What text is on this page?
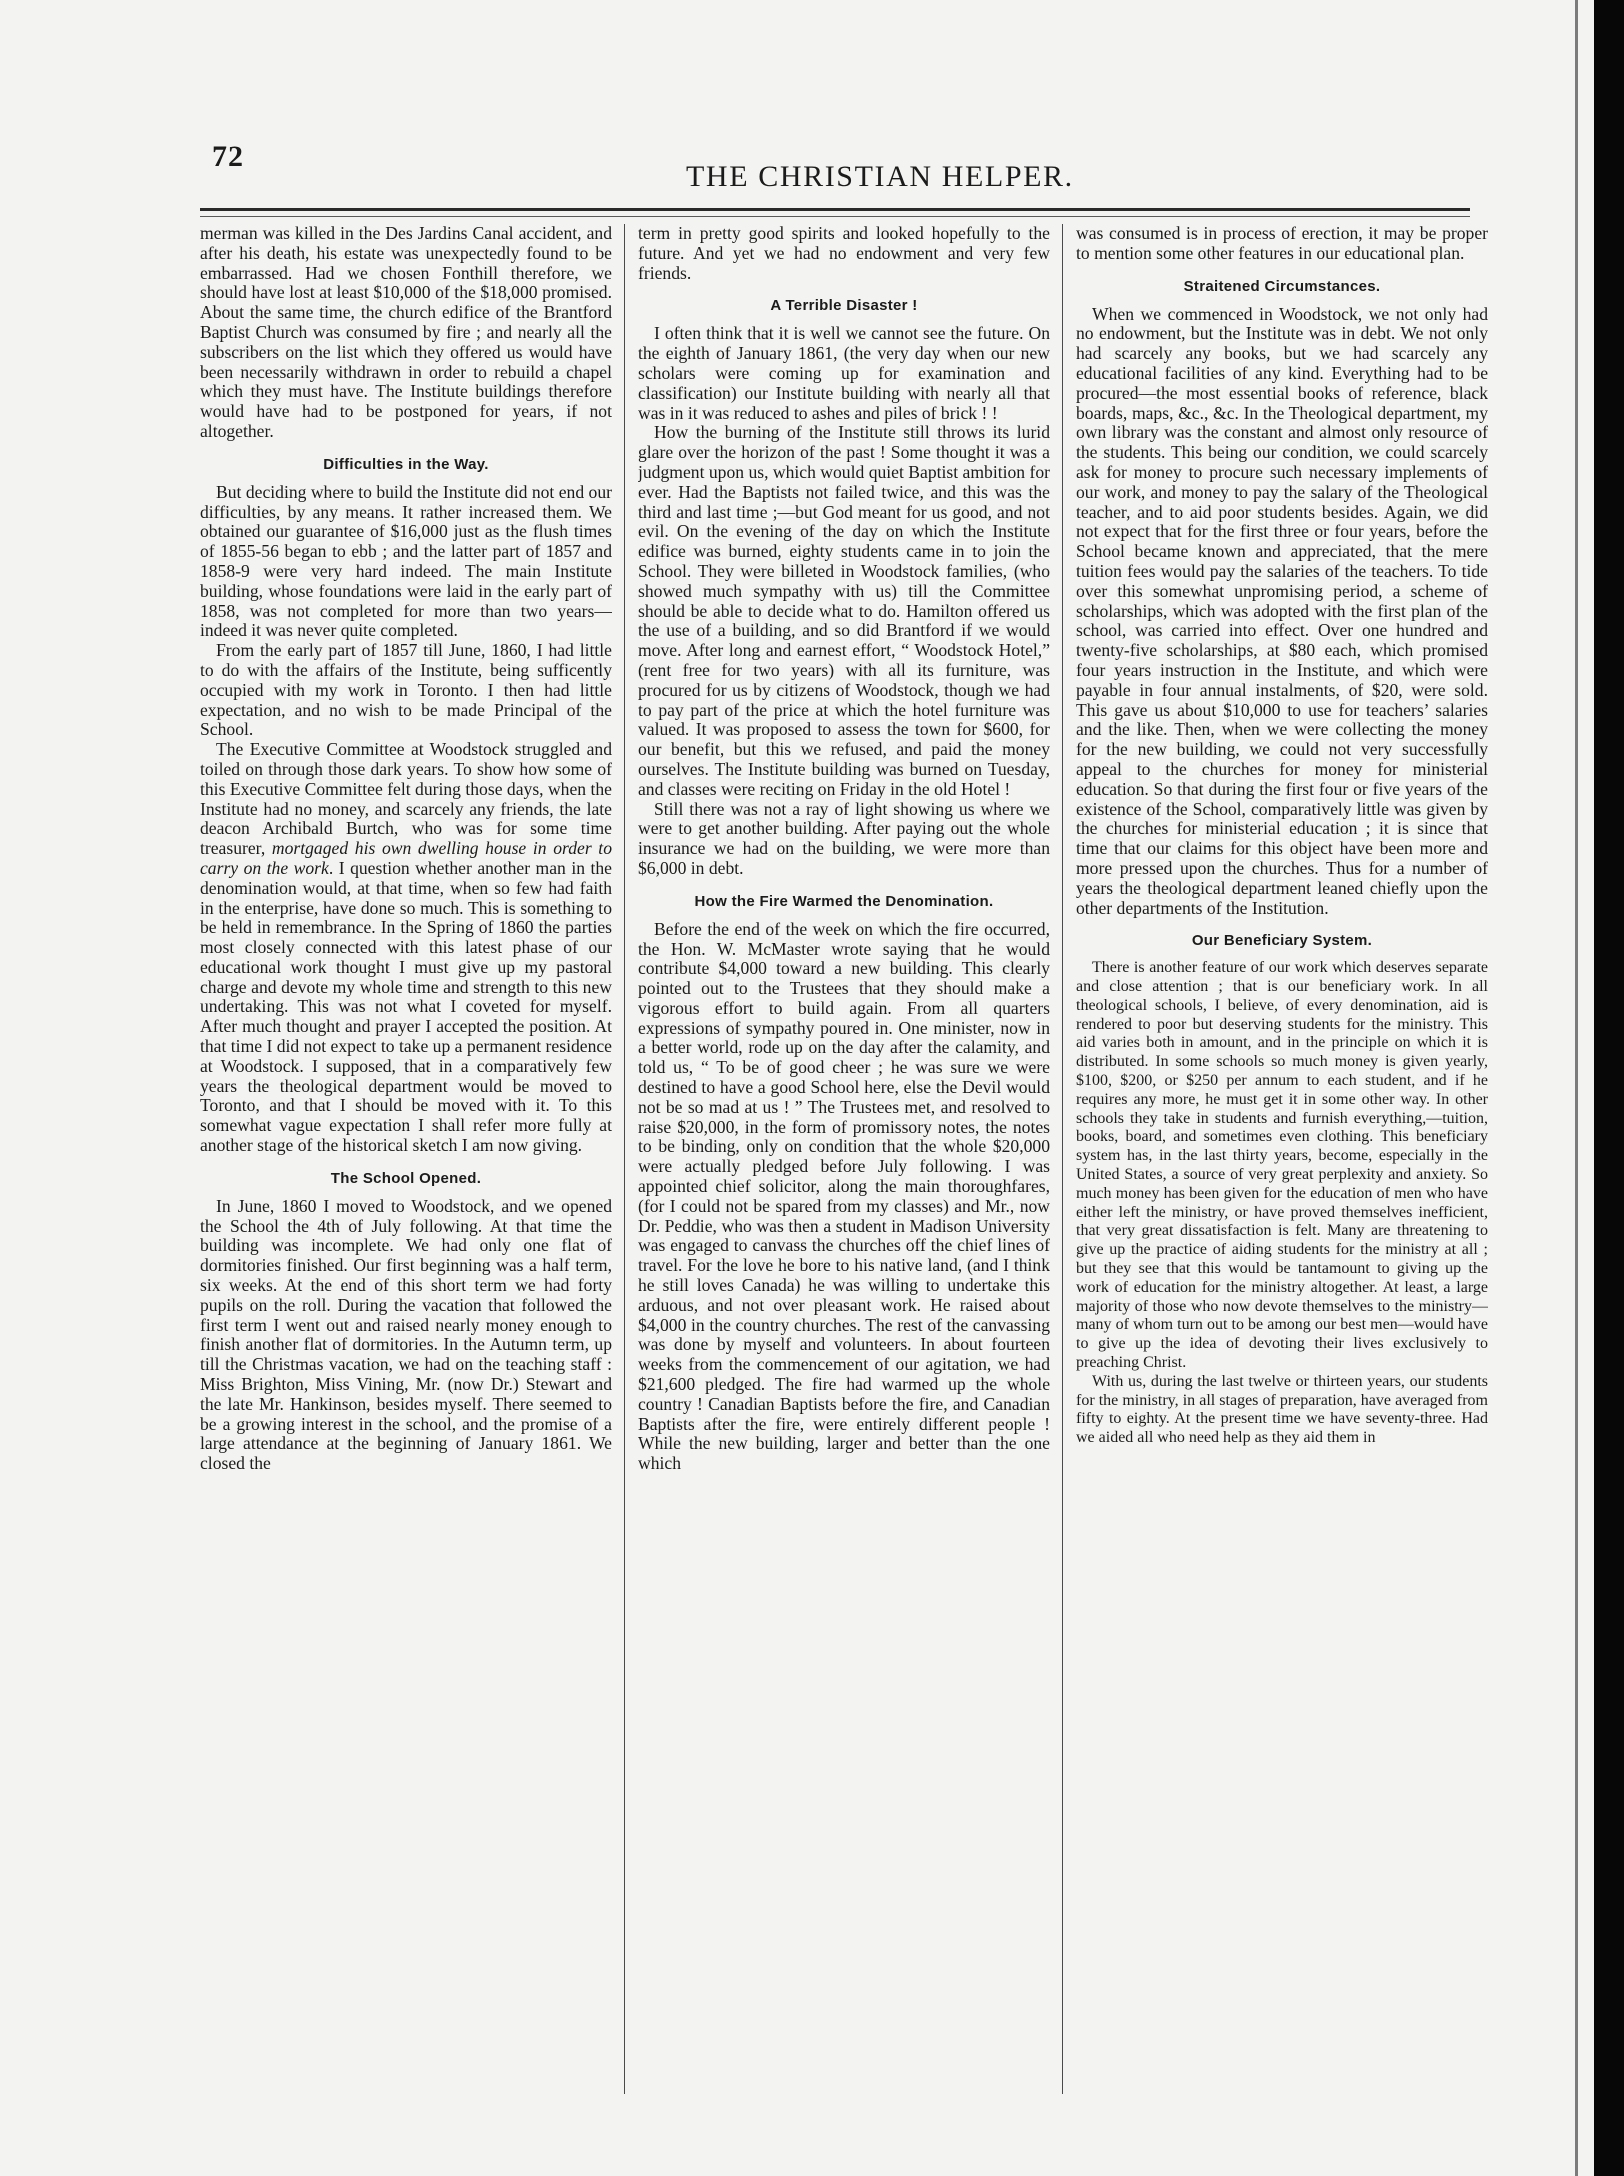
72
THE CHRISTIAN HELPER.

merman was killed in the Des Jardins Canal accident, and after his death, his estate was unexpectedly found to be embarrassed. Had we chosen Fonthill therefore, we should have lost at least $10,000 of the $18,000 promised. About the same time, the church edifice of the Brantford Baptist Church was consumed by fire ; and nearly all the subscribers on the list which they offered us would have been necessarily withdrawn in order to rebuild a chapel which they must have. The Institute buildings therefore would have had to be postponed for years, if not altogether.

Difficulties in the Way.

But deciding where to build the Institute did not end our difficulties, by any means. It rather increased them. We obtained our guarantee of $16,000 just as the flush times of 1855-56 began to ebb ; and the latter part of 1857 and 1858-9 were very hard indeed. The main Institute building, whose foundations were laid in the early part of 1858, was not completed for more than two years—indeed it was never quite completed.

From the early part of 1857 till June, 1860, I had little to do with the affairs of the Institute, being sufficently occupied with my work in Toronto. I then had little expectation, and no wish to be made Principal of the School.

The Executive Committee at Woodstock struggled and toiled on through those dark years. To show how some of this Executive Committee felt during those days, when the Institute had no money, and scarcely any friends, the late deacon Archibald Burtch, who was for some time treasurer, mortgaged his own dwelling house in order to carry on the work. I question whether another man in the denomination would, at that time, when so few had faith in the enterprise, have done so much. This is something to be held in remembrance. In the Spring of 1860 the parties most closely connected with this latest phase of our educational work thought I must give up my pastoral charge and devote my whole time and strength to this new undertaking. This was not what I coveted for myself. After much thought and prayer I accepted the position. At that time I did not expect to take up a permanent residence at Woodstock. I supposed, that in a comparatively few years the theological department would be moved to Toronto, and that I should be moved with it. To this somewhat vague expectation I shall refer more fully at another stage of the historical sketch I am now giving.

The School Opened.

In June, 1860 I moved to Woodstock, and we opened the School the 4th of July following. At that time the building was incomplete. We had only one flat of dormitories finished. Our first beginning was a half term, six weeks. At the end of this short term we had forty pupils on the roll. During the vacation that followed the first term I went out and raised nearly money enough to finish another flat of dormitories. In the Autumn term, up till the Christmas vacation, we had on the teaching staff : Miss Brighton, Miss Vining, Mr. (now Dr.) Stewart and the late Mr. Hankinson, besides myself. There seemed to be a growing interest in the school, and the promise of a large attendance at the beginning of January 1861. We closed the

term in pretty good spirits and looked hopefully to the future. And yet we had no endowment and very few friends.

A Terrible Disaster !

I often think that it is well we cannot see the future. On the eighth of January 1861, (the very day when our new scholars were coming up for examination and classification) our Institute building with nearly all that was in it was reduced to ashes and piles of brick ! !

How the burning of the Institute still throws its lurid glare over the horizon of the past ! Some thought it was a judgment upon us, which would quiet Baptist ambition for ever. Had the Baptists not failed twice, and this was the third and last time ;—but God meant for us good, and not evil. On the evening of the day on which the Institute edifice was burned, eighty students came in to join the School. They were billeted in Woodstock families, (who showed much sympathy with us) till the Committee should be able to decide what to do. Hamilton offered us the use of a building, and so did Brantford if we would move. After long and earnest effort, “ Woodstock Hotel,” (rent free for two years) with all its furniture, was procured for us by citizens of Woodstock, though we had to pay part of the price at which the hotel furniture was valued. It was proposed to assess the town for $600, for our benefit, but this we refused, and paid the money ourselves. The Institute building was burned on Tuesday, and classes were reciting on Friday in the old Hotel !

Still there was not a ray of light showing us where we were to get another building. After paying out the whole insurance we had on the building, we were more than $6,000 in debt.

How the Fire Warmed the Denomination.

Before the end of the week on which the fire occurred, the Hon. W. McMaster wrote saying that he would contribute $4,000 toward a new building. This clearly pointed out to the Trustees that they should make a vigorous effort to build again. From all quarters expressions of sympathy poured in. One minister, now in a better world, rode up on the day after the calamity, and told us, “ To be of good cheer ; he was sure we were destined to have a good School here, else the Devil would not be so mad at us ! ” The Trustees met, and resolved to raise $20,000, in the form of promissory notes, the notes to be binding, only on condition that the whole $20,000 were actually pledged before July following. I was appointed chief solicitor, along the main thoroughfares, (for I could not be spared from my classes) and Mr., now Dr. Peddie, who was then a student in Madison University was engaged to canvass the churches off the chief lines of travel. For the love he bore to his native land, (and I think he still loves Canada) he was willing to undertake this arduous, and not over pleasant work. He raised about $4,000 in the country churches. The rest of the canvassing was done by myself and volunteers. In about fourteen weeks from the commencement of our agitation, we had $21,600 pledged. The fire had warmed up the whole country ! Canadian Baptists before the fire, and Canadian Baptists after the fire, were entirely different people ! While the new building, larger and better than the one which

was consumed is in process of erection, it may be proper to mention some other features in our educational plan.

Straitened Circumstances.

When we commenced in Woodstock, we not only had no endowment, but the Institute was in debt. We not only had scarcely any books, but we had scarcely any educational facilities of any kind. Everything had to be procured—the most essential books of reference, black boards, maps, &c., &c. In the Theological department, my own library was the constant and almost only resource of the students. This being our condition, we could scarcely ask for money to procure such necessary implements of our work, and money to pay the salary of the Theological teacher, and to aid poor students besides. Again, we did not expect that for the first three or four years, before the School became known and appreciated, that the mere tuition fees would pay the salaries of the teachers. To tide over this somewhat unpromising period, a scheme of scholarships, which was adopted with the first plan of the school, was carried into effect. Over one hundred and twenty-five scholarships, at $80 each, which promised four years instruction in the Institute, and which were payable in four annual instalments, of $20, were sold. This gave us about $10,000 to use for teachers’ salaries and the like. Then, when we were collecting the money for the new building, we could not very successfully appeal to the churches for money for ministerial education. So that during the first four or five years of the existence of the School, comparatively little was given by the churches for ministerial education ; it is since that time that our claims for this object have been more and more pressed upon the churches. Thus for a number of years the theological department leaned chiefly upon the other departments of the Institution.

Our Beneficiary System.

There is another feature of our work which deserves separate and close attention ; that is our beneficiary work. In all theological schools, I believe, of every denomination, aid is rendered to poor but deserving students for the ministry. This aid varies both in amount, and in the principle on which it is distributed. In some schools so much money is given yearly, $100, $200, or $250 per annum to each student, and if he requires any more, he must get it in some other way. In other schools they take in students and furnish everything,—tuition, books, board, and sometimes even clothing. This beneficiary system has, in the last thirty years, become, especially in the United States, a source of very great perplexity and anxiety. So much money has been given for the education of men who have either left the ministry, or have proved themselves inefficient, that very great dissatisfaction is felt. Many are threatening to give up the practice of aiding students for the ministry at all ; but they see that this would be tantamount to giving up the work of education for the ministry altogether. At least, a large majority of those who now devote themselves to the ministry—many of whom turn out to be among our best men—would have to give up the idea of devoting their lives exclusively to preaching Christ.

With us, during the last twelve or thirteen years, our students for the ministry, in all stages of preparation, have averaged from fifty to eighty. At the present time we have seventy-three. Had we aided all who need help as they aid them in
